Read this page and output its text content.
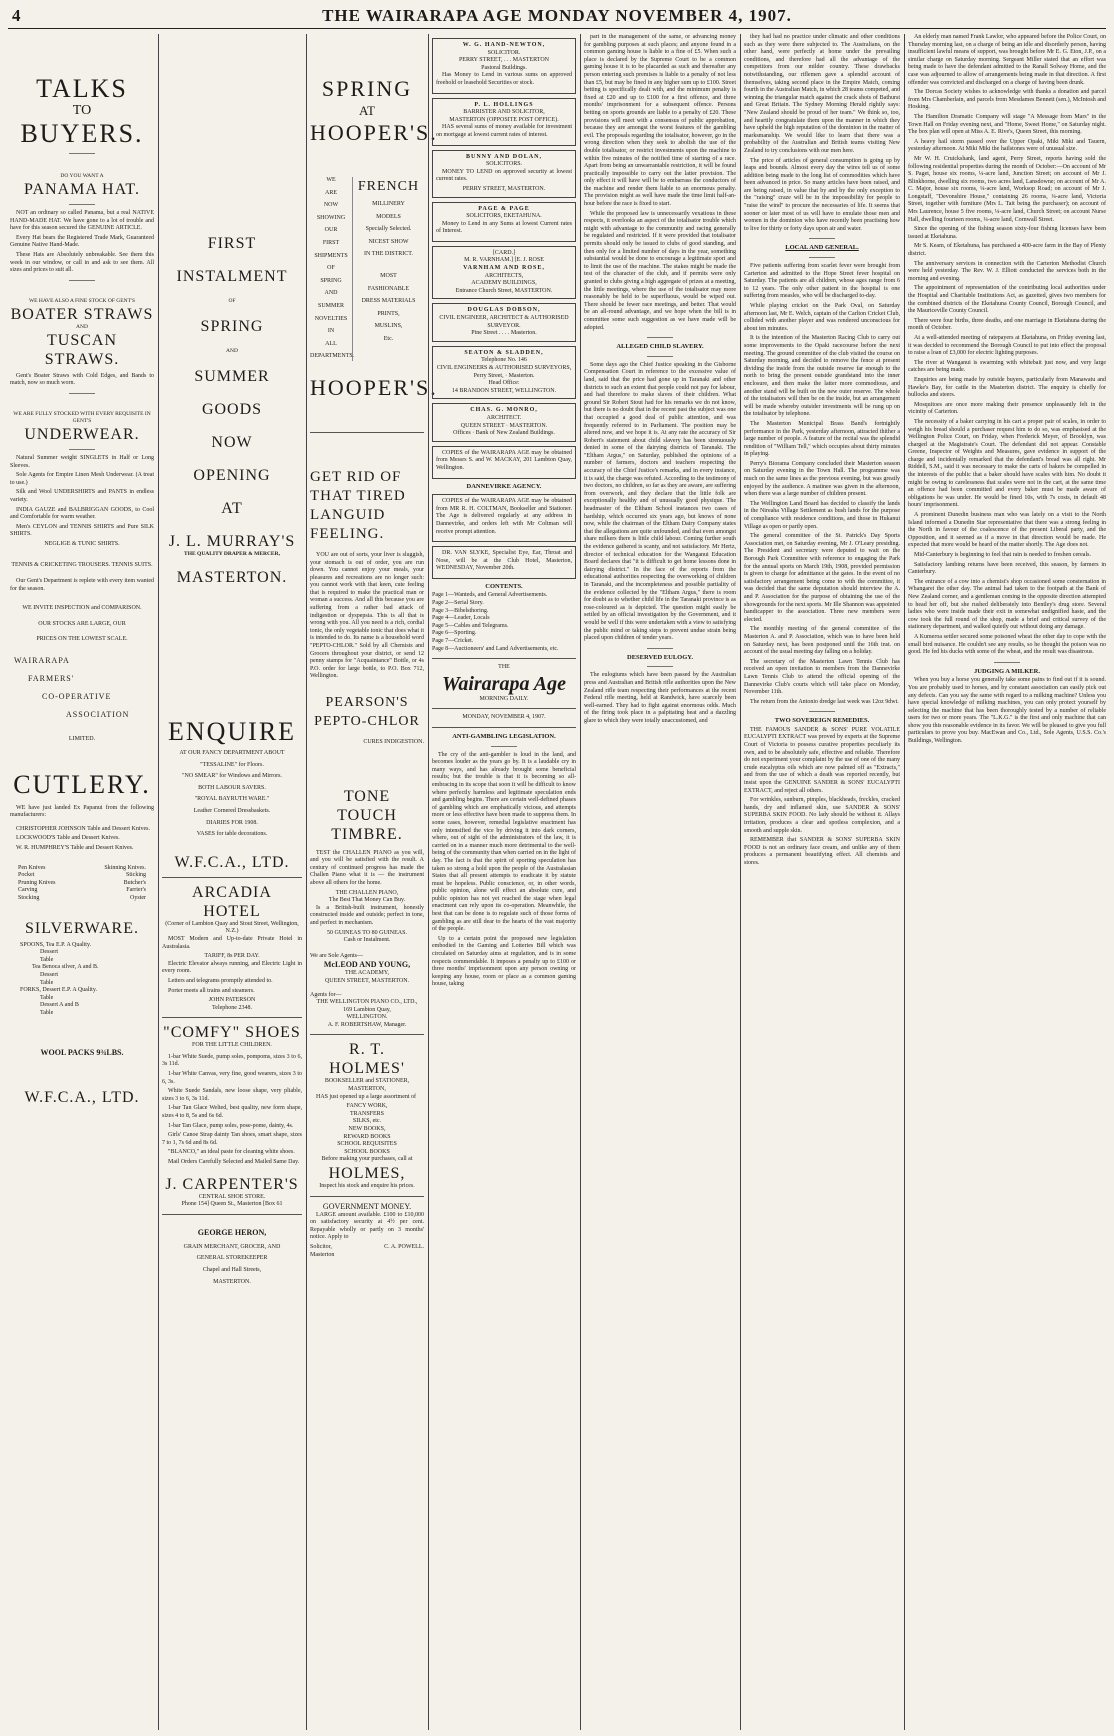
4	THE WAIRARAPA AGE MONDAY NOVEMBER 4, 1907.
TALKS
TO
BUYERS.
DO YOU WANT A
PANAMA HAT.

NOT an ordinary so called Panama, but a real NATIVE HAND-MADE HAT. We have gone to a lot of trouble and have for this season secured the GENUINE ARTICLE.

Every Hat bears the Registered Trade Mark, Guaranteed Genuine Native Hand-Made.

These Hats are Absolutely unbreakable. See them this week in our window, or call in and ask to see them. All sizes and prices to suit all.

WE HAVE ALSO A FINE STOCK OF GENT'S
BOATER STRAWS
AND
TUSCAN STRAWS.

Gent's Boater Straws with Cold Edges, and Bands to match, now so much worn.

WE ARE FULLY STOCKED WITH EVERY REQUISITE IN GENT'S
UNDERWEAR.

Natural Summer weight SINGLETS in Half or Long Sleeves.

Sole Agents for Empire Linen Mesh Underwear. (A treat to use.)

Silk and Wool UNDERSHIRTS and PANTS in endless variety.

INDIA GAUZE and BALBRIGGAN GOODS, to Cool and Comfortable for warm weather.

Men's CEYLON and TENNIS SHIRTS and Pure SILK SHIRTS.

NEGLIGE & TUNIC SHIRTS.
TENNIS & CRICKETING TROUSERS. TENNIS SUITS.

Our Gent's Department is replete with every item wanted for the season.

WE INVITE INSPECTION and COMPARISON.
OUR STOCKS ARE LARGE, OUR
PRICES ON THE LOWEST SCALE.
WAIRARAPA
FARMERS'
CO-OPERATIVE
ASSOCIATION
LIMITED.
CUTLERY.

WE have just landed Ex Papanui from the following manufacturers:

CHRISTOPHER JOHNSON Table and Dessert Knives.

LOCKWOOD'S Table and Dessert Knives.

W. R. HUMPHREY'S Table and Dessert Knives.

Pen Knives	Skinning Knives.
Pocket	Sticking
Pruning Knives	Butcher's
Carving	Farrier's
Stocking	Oyster
SILVERWARE.
SPOONS, Tea E.P. A Quality.
Dessert
Table
Tea Benoca silver, A and B.
Dessert
Table
FORKS, Dessert E.P. A Quality.
Table
Dessert A and B
Table
WOOL PACKS 9¾LBS.
W.F.C.A., LTD.
FIRST
INSTALMENT
OF
SPRING
AND
SUMMER
GOODS
NOW
OPENING
AT
J. L. MURRAY'S
THE QUALITY DRAPER & MERCER,
MASTERTON.
ENQUIRE
AT OUR FANCY DEPARTMENT ABOUT
"TESSALINE" for Floors.
"NO SMEAR" for Windows and Mirrors.
BOTH LABOUR SAVERS.
"ROYAL BAYRUTH WARE."
Leather Cornered Dressbaskets.
DIARIES FOR 1908.
VASES for table decorations.
W.F.C.A., LTD.
ARCADIA HOTEL
(Corner of Lambton Quay and Stout Street, Wellington, N.Z.)

MOST Modern and Up-to-date Private Hotel in Australasia.

TARIFF, 8s PER DAY.

Electric Elevator always running, and Electric Light in every room.

Letters and telegrams promptly attended to.

Porter meets all trains and steamers.

JOHN PATERSON
Telephone 2348.
"COMFY" SHOES
FOR THE LITTLE CHILDREN.

1-bar White Suede, pump soles, pompoms, sizes 3 to 6, 3s 11d.

1-bar White Canvas, very fine, good wearers, sizes 3 to 6, 3s.

White Suede Sandals, new loose shape, very pliable, sizes 3 to 6, 3s 11d.

1-bar Tan Glace Welted, best quality, new form shape, sizes 4 to 8, 5s and 6s 6d.

1-bar Tan Glace, pump soles, pose-pome, dainty, 4s.

Girls' Canoe Strap dainty Tan shoes, smart shape, sizes 7 to 1, 7s 6d and 8s 6d.

"BLANCO," an ideal paste for cleaning white shoes.

Mail Orders Carefully Selected and Mailed Same Day.

J. CARPENTER'S
CENTRAL SHOE STORE.
Phone 154] Queen St., Masterton [Box 61
GEORGE HERON,
GRAIN MERCHANT, GROCER, AND
GENERAL STOREKEEPER
Chapel and Hall Streets,
MASTERTON.
SPRING
AT
HOOPER'S.
WE
ARE
NOW
SHOWING
OUR
FIRST
SHIPMENTS
OF
SPRING
AND
SUMMER
NOVELTIES
IN
ALL
DEPARTMENTS.
FRENCH
MILLINERY
MODELS
Specially Selected.
NICEST SHOW
IN THE DISTRICT.
MOST
FASHIONABLE
DRESS MATERIALS
PRINTS,
MUSLINS,
Etc.
HOOPER'S.
GET RID OF
THAT TIRED
LANGUID
FEELING.

YOU are out of sorts, your liver is sluggish, your stomach is out of order, you are run down. You cannot enjoy your meals, your pleasures and recreations are no longer such: you cannot work with that keen, cute feeling that is required to make the practical man or woman a success. And all this because you are suffering from a rather bad attack of indigestion or dyspepsia. This is all that is wrong with you. All you need is a rich, cordial tonic, the only vegetable tonic that does what it is intended to do. Its name is a household word "PEPTO-CHLOR." Sold by all Chemists and Grocers throughout your district, or send 12 penny stamps for "Acquaintance" Bottle, or 4s P.O. order for large bottle, to P.O. Box 712, Wellington.

PEARSON'S
PEPTO-CHLOR
CURES INDIGESTION.
TONE
TOUCH
TIMBRE.

TEST the CHALLEN PIANO as you will, and you will be satisfied with the result. A century of continued progress has made the Challen Piano what it is — the instrument above all others for the home.

THE CHALLEN PIANO,
The Best That Money Can Buy.

Is a British-built instrument, honestly constructed inside and outside; perfect in tone, and perfect in mechanism.

50 GUINEAS TO 80 GUINEAS.
Cash or Instalment.
We are Sole Agents—
McLEOD AND YOUNG,
THE ACADEMY,
QUEEN STREET, MASTERTON.
Agents for—
THE WELLINGTON PIANO CO., LTD.,
169 Lambton Quay,
WELLINGTON.
A. F. ROBERTSHAW, Manager.
R. T. HOLMES'
BOOKSELLER and STATIONER,
MASTERTON,

HAS just opened up a large assortment of

FANCY WORK,
TRANSFERS
SILKS, etc.
NEW BOOKS,
REWARD BOOKS
SCHOOL REQUISITES
SCHOOL BOOKS
Before making your purchases, call at
HOLMES,
Inspect his stock and enquire his prices.
GOVERNMENT MONEY.

LARGE amount available. £100 to £10,000 on satisfactory security at 4½ per cent. Repayable wholly or partly on 3 months' notice. Apply to

Solicitor,	C. A. POWELL.
Masterton
W. G. HAND-NEWTON,
SOLICITOR.
PERRY STREET, . . . MASTERTON
Pastoral Buildings.

Has Money to Lend in various sums on approved freehold or leasehold Securities or stock.

P. L. HOLLINGS
BARRISTER AND SOLICITOR,
MASTERTON (OPPOSITE POST OFFICE).

HAS several sums of money available for investment on mortgage at lowest current rates of interest.

BUNNY AND DOLAN,
SOLICITORS.

MONEY TO LEND on approved security at lowest current rates.

PERRY STREET, MASTERTON.
PAGE & PAGE
SOLICITORS, EKETAHUNA.

Money to Lend in any Sums at lowest Current rates of Interest.

[CARD.]
M. R. VARNHAM.] [E. J. ROSE
VARNHAM AND ROSE,
ARCHITECTS,
ACADEMY BUILDINGS,
Entrance Church Street, MASTERTON.
DOUGLAS DOBSON,
CIVIL ENGINEER, ARCHITECT & AUTHORISED SURVEYOR.
Pine Street . . . . Masterton.
SEATON & SLADDEN,
Telephone No. 146
CIVIL ENGINEERS & AUTHORISED SURVEYORS,
Perry Street, · Masterton.
Head Office:
14 BRANDON STREET, WELLINGTON.
CHAS. G. MONRO,
ARCHITECT.
QUEEN STREET · MASTERTON.
Offices · Bank of New Zealand Buildings.

COPIES of the WAIRARAPA AGE may be obtained from Messrs S. and W. MACKAY, 201 Lambton Quay, Wellington.

DANNEVIRKE AGENCY.

COPIES of the WAIRARAPA AGE may be obtained from MR R. H. COLTMAN, Bookseller and Stationer. The Age is delivered regularly at any address in Dannevirke, and orders left with Mr Coltman will receive prompt attention.

DR. VAN SLYKE, Specialist Eye, Ear, Throat and Nose, will be at the Club Hotel, Masterton, WEDNESDAY, November 20th.

CONTENTS.
Page 1—Wanteds, and General Advertisements.
Page 2—Serial Story.
Page 3—Bibelsthoring.
Page 4—Leader, Locals
Page 5—Cables and Telegrams.
Page 6—Sporting.
Page 7—Cricket.
Page 8—Auctioneers' and Land Advertisements, etc.
THE
Wairarapa Age
MORNING DAILY.
MONDAY, NOVEMBER 4, 1907.
ANTI-GAMBLING LEGISLATION.

The cry of the anti-gambler is loud in the land, and becomes louder as the years go by. It is a laudable cry in many ways, and has already brought some beneficial results; but the trouble is that it is becoming so all-embracing in its scope that soon it will be difficult to know where perfectly harmless and legitimate speculation ends and gambling begins. There are certain well-defined phases of gambling which are emphatically vicious, and attempts more or less effective have been made to suppress them. In some cases, however, remedial legislative enactment has only intensified the vice by driving it into dark corners, where, out of sight of the administrators of the law, it is carried on in a manner much more detrimental to the well-being of the community than when carried on in the light of day. The fact is that the spirit of sporting speculation has taken so strong a hold upon the people of the Australasian States that all present attempts to eradicate it by statute must be hopeless. Public conscience, or, in other words, public opinion, alone will effect an absolute cure, and public opinion has not yet reached the stage when legal enactment can rely upon its co-operation. Meanwhile, the best that can be done is to regulate such of those forms of gambling as are still dear to the hearts of the vast majority of the people.

Up to a certain point the proposed new legislation embodied in the Gaming and Lotteries Bill which was circulated on Saturday aims at regulation, and is in some respects commendable. It imposes a penalty up to £100 or three months' imprisonment upon any person owning or keeping any house, room or place as a common gaming house, taking

part in the management of the same, or advancing money for gambling purposes at such places; and anyone found in a common gaming house is liable to a fine of £5. When such a place is declared by the Supreme Court to be a common gaming house it is to be placarded as such and thereafter any person entering such premises is liable to a penalty of not less than £5, but may be fined in any higher sum up to £100. Street betting is specifically dealt with, and the minimum penalty is fixed at £20 and up to £100 for a first offence, and three months' imprisonment for a subsequent offence. Persons betting on sports grounds are liable to a penalty of £20. These provisions will meet with a consensus of public approbation, because they are amongst the worst features of the gambling evil. The proposals regarding the totalisator, however, go in the wrong direction when they seek to abolish the use of the double totalisator, or restrict investments upon the machine to within five minutes of the notified time of starting of a race. Apart from being an unwarrantable restriction, it will be found practically impossible to carry out the latter provision. The only effect it will have will be to embarrass the conductors of the machine and render them liable to an enormous penalty. The provision might as well have made the time limit half-an-hour before the race is fixed to start.

While the proposed law is unnecessarily vexatious in these respects, it overlooks an aspect of the totalisator trouble which might with advantage to the community and racing generally be regulated and restricted. If it were provided that totalisator permits should only be issued to clubs of good standing, and then only for a limited number of days in the year, something substantial would be done to encourage a legitimate sport and to limit the use of the machine. The stakes might be made the test of the character of the club, and if permits were only granted to clubs giving a high aggregate of prizes at a meeting, the little meetings, where the use of the totalisator may more reasonably be held to be superfluous, would be wiped out. There should be fewer race meetings, and better. That would be an all-round advantage, and we hope when the bill is in committee some such suggestion as we have made will be adopted.

ALLEGED CHILD SLAVERY.

Some days ago the Chief Justice speaking in the Gisborne Compensation Court in reference to the excessive value of land, said that the price had gone up in Taranaki and other districts to such an extent that people could not pay for labour, and had therefore to make slaves of their children. What ground Sir Robert Stout had for his remarks we do not know, but there is no doubt that in the recent past the subject was one that occupied a good deal of public attention, and was frequently referred to in Parliament. The position may be altered now, and we hope it is. At any rate the accuracy of Sir Robert's statement about child slavery has been strenuously denied in some of the dairying districts of Taranaki. The "Eltham Argus," on Saturday, published the opinions of a number of farmers, doctors and teachers respecting the accuracy of the Chief Justice's remarks, and in every instance, it is said, the charge was refuted. According to the testimony of two doctors, no children, so far as they are aware, are suffering from overwork, and they declare that the little folk are exceptionally healthy and of unusually good physique. The headmaster of the Eltham School instances two cases of hardship, which occurred six years ago, but knows of none now, while the chairman of the Eltham Dairy Company states that the allegations are quite unfounded, and that even amongst share milkers there is little child labour. Coming further south the evidence gathered is scanty, and not satisfactory. Mr Hertz, director of technical education for the Wanganui Education Board declares that "it is difficult to get home lessons done in dairying district." In the face of the reports from the educational authorities respecting the overworking of children in Taranaki, and the incompleteness and possible partiality of the evidence collected by the "Eltham Argus," there is room for doubt as to whether child life in the Taranaki province is as rose-coloured as is depicted. The question might easily be settled by an official investigation by the Government, and it would be well if this were undertaken with a view to satisfying the public mind or taking steps to prevent undue strain being placed upon children of tender years.

DESERVED EULOGY.

The eulogiums which have been passed by the Australian press and Australian and British rifle authorities upon the New Zealand rifle team respecting their performances at the recent Federal rifle meeting, held at Randwick, have scarcely been well-earned. They had to fight against enormous odds. Much of the firing took place in a palpitating heat and a dazzling glare to which they were totally unaccustomed, and

they had had no practice under climatic and other conditions such as they were there subjected to. The Australians, on the other hand, were perfectly at home under the prevailing conditions, and therefore had all the advantage of the competitors from our milder country. These drawbacks notwithstanding, our riflemen gave a splendid account of themselves, taking second place in the Empire Match, coming fourth in the Australian Match, in which 28 teams competed, and winning the triangular match against the crack shots of Bathurst and Great Britain. The Sydney Morning Herald rightly says: "New Zealand should be proud of her team." We think so, too, and heartily congratulate them upon the manner in which they have upheld the high reputation of the dominion in the matter of marksmanship. We would like to learn that there was a probability of the Australian and British teams visiting New Zealand to try conclusions with our men here.

The price of articles of general consumption is going up by leaps and bounds. Almost every day the wires tell us of some addition being made to the long list of commodities which have been advanced in price. So many articles have been raised, and are being raised, in value that by and by the only exception to the "raising" craze will be in the impossibility for people to "raise the wind" to procure the necessaries of life. It seems that sooner or later most of us will have to emulate those men and women in the dominion who have recently been practising how to live for thirty or forty days upon air and water.

LOCAL AND GENERAL.

Five patients suffering from scarlet fever were brought from Carterton and admitted to the Hope Street fever hospital on Saturday. The patients are all children, whose ages range from 6 to 12 years. The only other patient in the hospital is one suffering from measles, who will be discharged to-day.

While playing cricket on the Park Oval, on Saturday afternoon last, Mr E. Welch, captain of the Carlton Cricket Club, collided with another player and was rendered unconscious for about ten minutes.

It is the intention of the Masterton Racing Club to carry out some improvements to the Opaki racecourse before the next meeting. The ground committee of the club visited the course on Saturday morning, and decided to remove the fence at present dividing the inside from the outside reserve far enough to the north to bring the present outside grandstand into the inner enclosure, and then make the latter more commodious, and another stand will be built on the new outer reserve. The whole of the totalisators will then be on the inside, but an arrangement will be made whereby outsider investments will be rung up on the totalisator by telephone.

The Masterton Municipal Brass Band's fortnightly performance in the Park, yesterday afternoon, attracted thither a large number of people. A feature of the recital was the splendid rendition of "William Tell," which occupies about thirty minutes in playing.

Perry's Biorama Company concluded their Masterton season on Saturday evening in the Town Hall. The programme was much on the same lines as the previous evening, but was greatly enjoyed by the audience. A matinee was given in the afternoon, when there was a large number of children present.

The Wellington Land Board has decided to classify the lands in the Nireaha Village Settlement as bush lands for the purpose of compliance with residence conditions, and those in Hukanui Village as open or partly open.

The general committee of the St. Patrick's Day Sports Association met, on Saturday evening, Mr J. O'Leary presiding. The President and secretary were deputed to wait on the Borough Park Committee with reference to engaging the Park for the annual sports on March 19th, 1908, provided permission is given to charge for admittance at the gates. In the event of no satisfactory arrangement being come to with the committee, it was decided that the same deputation should interview the A. and P. Association for the purpose of obtaining the use of the showgrounds for the next sports. Mr Ille Shannon was appointed handicapper to the association. Three new members were elected.

The monthly meeting of the general committee of the Masterton A. and P. Association, which was to have been held on Saturday next, has been postponed until the 16th inst. on account of the usual meeting day falling on a holiday.

The secretary of the Masterton Lawn Tennis Club has received an open invitation to members from the Dannevirke Lawn Tennis Club to attend the official opening of the Dannevirke Club's courts which will take place on Monday, November 11th.

The return from the Antonio dredge last week was 12oz 9dwt.

TWO SOVEREIGN REMEDIES.

THE FAMOUS SANDER & SONS' PURE VOLATILE EUCALYPTI EXTRACT was proved by experts at the Supreme Court of Victoria to possess curative properties peculiarly its own, and to be absolutely safe, effective and reliable. Therefore do not experiment your complaint by the use of one of the many crude eucalyptus oils which are now palmed off as "Extracts," and from the use of which a death was reported recently, but insist upon the GENUINE SANDER & SONS' EUCALYPTI EXTRACT, and reject all others.

For wrinkles, sunburn, pimples, blackheads, freckles, cracked hands, dry and inflamed skin, use SANDER & SONS' SUPERBA SKIN FOOD. No lady should be without it. Allays irritation, produces a clear and spotless complexion, and a smooth and supple skin.

REMEMBER that SANDER & SONS' SUPERBA SKIN FOOD is not an ordinary face cream, and unlike any of them produces a permanent beautifying effect. All chemists and stores.

An elderly man named Frank Lawlor, who appeared before the Police Court, on Thursday morning last, on a charge of being an idle and disorderly person, having insufficient lawful means of support, was brought before Mr E. G. Eton, J.P., on a similar charge on Saturday morning. Sergeant Miller stated that an effort was being made to have the defendant admitted to the Ranall Solway Home, and the case was adjourned to allow of arrangements being made in that direction. A first offender was convicted and discharged on a charge of having been drunk.

The Dorcas Society wishes to acknowledge with thanks a donation and parcel from Mrs Chamberlain, and parcels from Mesdames Bennett (sen.), McIntosh and Hosking.

The Hamilton Dramatic Company will stage "A Message from Mars" in the Town Hall on Friday evening next, and "Home, Sweet Home," on Saturday night. The box plan will open at Miss A. E. Rive's, Queen Street, this morning.

A heavy hail storm passed over the Upper Opaki, Miki Miki and Tauern, yesterday afternoon. At Miki Miki the hailstones were of unusual size.

Mr W. H. Cruickshank, land agent, Perry Street, reports having sold the following residential properties during the month of October:—On account of Mr S. Paget, house six rooms, ¼-acre land, Junction Street; on account of Mr J. Blinkhorne, dwelling six rooms, two acres land, Lansdowne; on account of Mr A. C. Major, house six rooms, ¼-acre land, Worksop Road; on account of Mr J. Longstaff, "Devonshire House," containing 26 rooms, ¼-acre land, Victoria Street, together with furniture (Mrs L. Tait being the purchaser); on account of Mrs Laurence, house 5 five rooms, ¼-acre land, Church Street; on account Nurse Hall, dwelling fourteen rooms, ¼-acre land, Cornwall Street.

Since the opening of the fishing season sixty-four fishing licenses have been issued at Eketahuna.

Mr S. Keam, of Eketahuna, has purchased a 400-acre farm in the Bay of Plenty district.

The anniversary services in connection with the Carterton Methodist Church were held yesterday. The Rev. W. J. Elliott conducted the services both in the morning and evening.

The appointment of representation of the contributing local authorities under the Hospital and Charitable Institutions Act, as gazetted, gives two members for the combined districts of the Eketahuna County Council, Borough Council, and the Mauriceville County Council.

There were four births, three deaths, and one marriage in Eketahuna during the month of October.

At a well-attended meeting of ratepayers at Eketahuna, on Friday evening last, it was decided to recommend the Borough Council to put into effect the proposal to raise a loan of £3,000 for electric lighting purposes.

The river at Wanganui is swarming with whitebait just now, and very large catches are being made.

Enquiries are being made by outside buyers, particularly from Manawatu and Hawke's Bay, for cattle in the Masterton district. The enquiry is chiefly for bullocks and steers.

Mosquitoes are once more making their presence unpleasantly felt in the vicinity of Carterton.

The necessity of a baker carrying in his cart a proper pair of scales, in order to weigh his bread should a purchaser request him to do so, was emphasised at the Wellington Police Court, on Friday, when Frederick Meyer, of Brooklyn, was charged at the Magistrate's Court. The defendant did not appear. Constable Greene, Inspector of Weights and Measures, gave evidence in support of the charge and incidentally remarked that the defendant's bread was all right. Mr Riddell, S.M., said it was necessary to make the carts of bakers be compelled in the interests of the public that a baker should have scales with him. No doubt it might be owing to carelessness that scales were not in the cart, at the same time an offence had been committed and every baker must be made aware of obligations he was under. He would be fined 10s, with 7s costs, in default 48 hours' imprisonment.

A prominent Dunedin business man who was lately on a visit to the North Island informed a Dunedin Star representative that there was a strong feeling in the North in favour of the coalescence of the present Liberal party, and the Opposition, and it seemed as if a move in that direction would be made. He expected that more would be heard of the matter shortly. The Age does not.

Mid-Canterbury is beginning to feel that rain is needed to freshen cereals.

Satisfactory lambing returns have been received, this season, by farmers in Canterbury.

The entrance of a cow into a chemist's shop occasioned some consternation in Whangarei the other day. The animal had taken to the footpath at the Bank of New Zealand corner, and a gentleman coming in the opposite direction attempted to head her off, but she rushed deliberately into Bentley's drug store. Several ladies who were inside made their exit in somewhat undignified haste, and the cow took the full round of the shop, made a brief and critical survey of the stationery department, and walked quietly out without doing any damage.

A Kumeroa settler secured some poisoned wheat the other day to cope with the small bird nuisance. He couldn't see any results, so he thought the poison was no good. He fed his ducks with some of the wheat, and the result was disastrous.

JUDGING A MILKER.

When you buy a horse you generally take some pains to find out if it is sound. You are probably used to horses, and by constant association can easily pick out any defects. Can you say the same with regard to a milking machine? Unless you have special knowledge of milking machines, you can only protect yourself by selecting the machine that has been thoroughly tested by a number of reliable users for two or more years. The "L.K.G." is the first and only machine that can show you this reasonable evidence in its favor. We will be pleased to give you full particulars to prove you buy. MacEwan and Co., Ltd., Sole Agents, U.S.S. Co.'s Buildings, Wellington.
